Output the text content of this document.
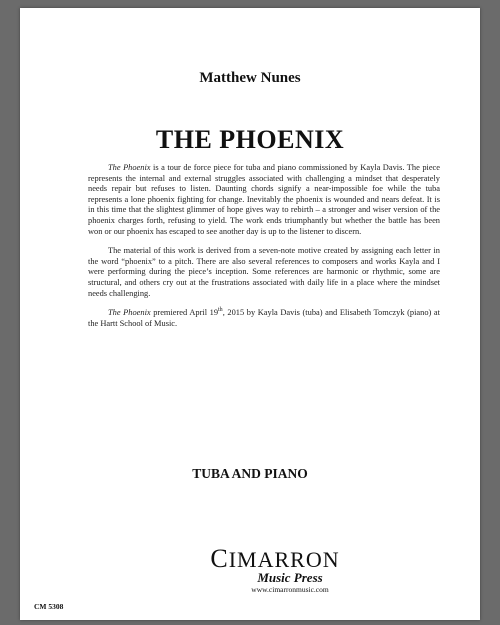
Matthew Nunes
THE PHOENIX

The Phoenix is a tour de force piece for tuba and piano commissioned by Kayla Davis. The piece represents the internal and external struggles associated with challenging a mindset that desperately needs repair but refuses to listen. Daunting chords signify a near-impossible foe while the tuba represents a lone phoenix fighting for change. Inevitably the phoenix is wounded and nears defeat. It is in this time that the slightest glimmer of hope gives way to rebirth – a stronger and wiser version of the phoenix charges forth, refusing to yield. The work ends triumphantly but whether the battle has been won or our phoenix has escaped to see another day is up to the listener to discern.

The material of this work is derived from a seven-note motive created by assigning each letter in the word “phoenix” to a pitch. There are also several references to composers and works Kayla and I were performing during the piece’s inception. Some references are harmonic or rhythmic, some are structural, and others cry out at the frustrations associated with daily life in a place where the mindset needs challenging.

The Phoenix premiered April 19th, 2015 by Kayla Davis (tuba) and Elisabeth Tomczyk (piano) at the Hartt School of Music.

TUBA AND PIANO
CIMARRON
Music Press
www.cimarronmusic.com
CM 5308
